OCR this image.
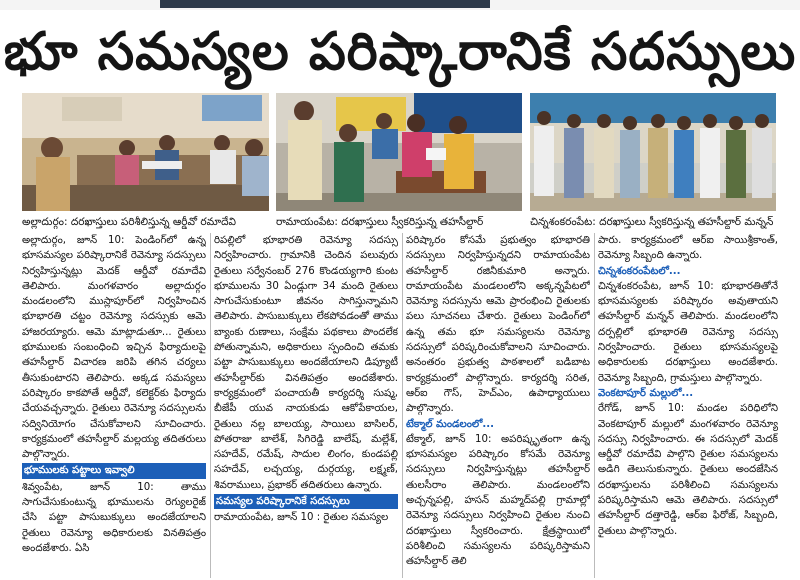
భూ సమస్యల పరిష్కారానికే సదస్సులు
అల్లాదుర్గం: దరఖాస్తులు పరిశీలిస్తున్న ఆర్డీవో రమాదేవి	రామాయంపేట: దరఖాస్తులు స్వీకరిస్తున్న తహసీల్దార్	చిన్నశంకరంపేట: దరఖాస్తులు స్వీకరిస్తున్న తహసీల్దార్ మన్నన్

అల్లాదుర్గం, జూన్ 10: పెండింగ్‌లో ఉన్న భూసమస్యల పరిష్కారానికే రెవెన్యూ సదస్సులు నిర్వహిస్తున్నట్లు మెదక్ ఆర్డీవో రమాదేవి తెలిపారు. మంగళవారం అల్లాదుర్గం మండలంలోని ముస్లాపూర్‌లో నిర్వహించిన భూభారతి చట్టం రెవెన్యూ సదస్సుకు ఆమె హాజరయ్యారు. ఆమె మాట్లాడుతూ... రైతులు భూములకు సంబంధించి ఇచ్చిన ఫిర్యాదులపై తహసీల్దార్ విచారణ జరిపి తగిన చర్యలు తీసుకుంటారని తెలిపారు. అక్కడ సమస్యలు పరిష్కారం కాకపోతే ఆర్డీవో, కలెక్టర్‌కు ఫిర్యాదు చేయవచ్చన్నారు. రైతులు రెవెన్యూ సదస్సులను సద్వినియోగం చేసుకోవాలని సూచించారు. కార్యక్రమంలో తహసీల్దార్ మల్లయ్య తదితరులు పాల్గొన్నారు.

భూములకు పట్టాలు ఇవ్వాలి

శివ్వంపేట, జూన్ 10: తాము సాగుచేసుకుంటున్న భూములను రెగ్యులరైజ్ చేసి పట్టా పాసుబుక్కులు అందజేయాలని రైతులు రెవెన్యూ అధికారులకు వినతిపత్రం అందజేశారు. ఏసి

రిపల్లిలో భూభారతి రెవెన్యూ సదస్సు నిర్వహించారు. గ్రామానికి చెందిన పలువురు రైతులు సర్వేనంబర్ 276 కొండయ్యగారి కుంట భూములను 30 ఏండ్లుగా 34 మంది రైతులు సాగుచేసుకుంటూ జీవనం సాగిస్తున్నామని తెలిపారు. పాసుబుక్కులు లేకపోవడంతో తాము బ్యాంకు రుణాలు, సంక్షేమ పథకాలు పొందలేక పోతున్నామని, అధికారులు స్పందించి తమకు పట్టా పాసుబుక్కులు అందజేయాలని డిప్యూటీ తహసీల్దార్‌కు వినతిపత్రం అందజేశారు. కార్యక్రమంలో పంచాయతీ కార్యదర్శి సుష్మ, బీజేపీ యువ నాయకుడు ఆకోపేకాయల, రైతులు నల్ల బాలయ్య, సాయిలు బాసిలర్, పోతరాజు బాలేశ్, సిగిరెడ్డి బాలేష్, మల్లేశ్, సహదేవ్, రమేష్, సాదుల లింగం, కుండపల్లి సహదేవ్, లచ్చయ్య, దుర్గయ్య, లక్ష్మణ్, శివరాములు, ప్రభాకర్ తదితరులు ఉన్నారు.

సమస్యల పరిష్కారానికే సదస్సులు

రామాయంపేట, జూన్ 10 : రైతుల సమస్యల

పరిష్కారం కోసమే ప్రభుత్వం భూభారతి సదస్సులు నిర్వహిస్తున్నదని రామాయంపేట తహసీల్దార్ రజినీకుమారి అన్నారు. రామాయంపేట మండలంలోని అక్కన్నపేటలో రెవెన్యూ సదస్సును ఆమె ప్రారంభించి రైతులకు పలు సూచనలు చేశారు. రైతులు పెండింగ్‌లో ఉన్న తమ భూ సమస్యలను రెవెన్యూ సదస్సులో పరిష్కరించుకోవాలని సూచించారు. అనంతరం ప్రభుత్వ పాఠశాలలో బడిబాట కార్యక్రమంలో పాల్గొన్నారు. కార్యదర్శి సరిత, ఆర్‌ఐ గౌస్, హెచ్‌ఎం, ఉపాధ్యాయులు పాల్గొన్నారు.

టేక్మాల్ మండలంలో...

టేక్మాల్, జూన్ 10: అపరిష్కృతంగా ఉన్న భూసమస్యల పరిష్కారం కోసమే రెవెన్యూ సదస్సులు నిర్వహిస్తున్నట్లు తహసీల్దార్ తులసీరాం తెలిపారు. మండలంలోని అచ్చన్నపల్లి, హసన్ మహ్మద్‌పల్లి గ్రామాల్లో రెవెన్యూ సదస్సులు నిర్వహించి రైతుల నుంచి దరఖాస్తులు స్వీకరించారు. క్షేత్రస్థాయిలో పరిశీలించి సమస్యలను పరిష్కరిస్తామని తహసీల్దార్ తెలి

పారు. కార్యక్రమంలో ఆర్‌ఐ సాయిశ్రీకాంత్, రెవెన్యూ సిబ్బంది ఉన్నారు.

చిన్నశంకరంపేటలో...

చిన్నశంకరంపేట, జూన్ 10: భూభారతితోనే భూసమస్యలకు పరిష్కారం అవుతాయని తహసీల్దార్ మన్నన్ తెలిపారు. మండలంలోని దర్పల్లిలో భూభారతి రెవెన్యూ సదస్సు నిర్వహించారు. రైతులు భూసమస్యలపై అధికారులకు దరఖాస్తులు అందజేశారు. రెవెన్యూ సిబ్బంది, గ్రామస్తులు పాల్గొన్నారు.

వెంకటాపూర్ మల్లులో...

రేగోడ్, జూన్ 10: మండల పరిధిలోని వెంకటాపూర్ మల్లులో మంగళవారం రెవెన్యూ సదస్సు నిర్వహించారు. ఈ సదస్సులో మెదక్ ఆర్డీవో రమాదేవి పాల్గొని రైతుల సమస్యలను అడిగి తెలుసుకున్నారు. రైతులు అందజేసిన దరఖాస్తులను పరిశీలించి సమస్యలను పరిష్కరిస్తామని ఆమె తెలిపారు. సదస్సులో తహసీల్దార్ దత్తారెడ్డి, ఆర్‌ఐ ఫిరోజ్, సిబ్బంది, రైతులు పాల్గొన్నారు.
